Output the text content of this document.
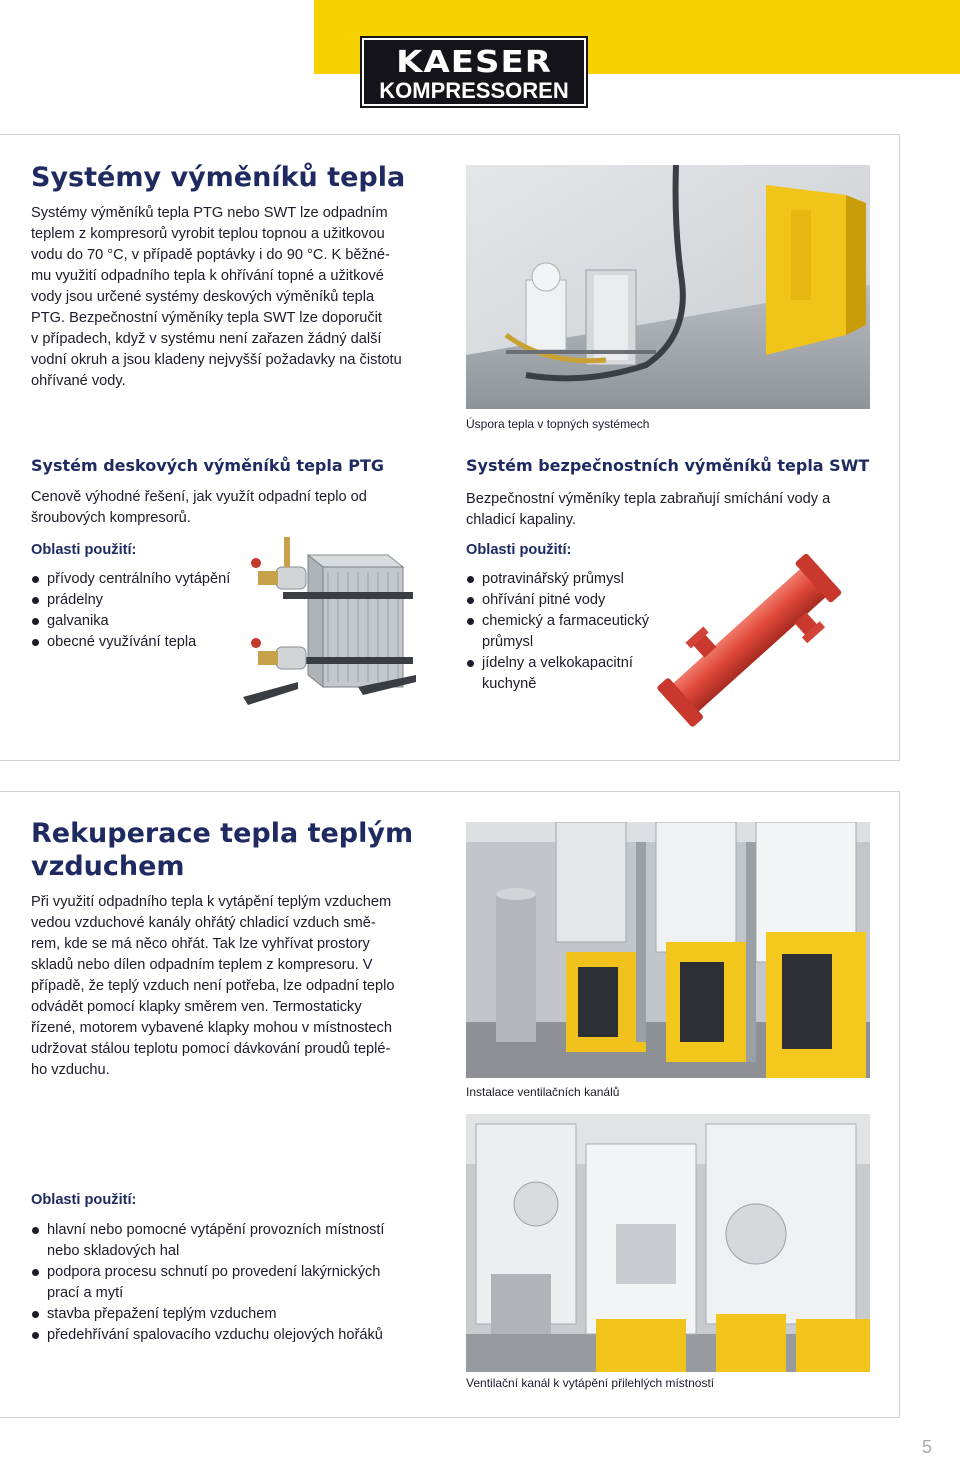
KAESER
KOMPRESSOREN
Systémy výměníků tepla
Systémy výměníků tepla PTG nebo SWT lze odpadním
teplem z kompresorů vyrobit teplou topnou a užitkovou
vodu do 70 °C, v případě poptávky i do 90 °C. K běžné-
mu využití odpadního tepla k ohřívání topné a užitkové
vody jsou určené systémy deskových výměníků tepla
PTG. Bezpečnostní výměníky tepla SWT lze doporučit
v případech, když v systému není zařazen žádný další
vodní okruh a jsou kladeny nejvyšší požadavky na čistotu
ohřívané vody.
Úspora tepla v topných systémech
Systém deskových výměníků tepla PTG
Cenově výhodné řešení, jak využít odpadní teplo od
šroubových kompresorů.
Oblasti použití:
přívody centrálního vytápění
prádelny
galvanika
obecné využívání tepla
Systém bezpečnostních výměníků tepla SWT
Bezpečnostní výměníky tepla zabraňují smíchání vody a
chladicí kapaliny.
Oblasti použití:
potravinářský průmysl
ohřívání pitné vody
chemický a farmaceutický
průmysl
jídelny a velkokapacitní
kuchyně
Rekuperace tepla teplým
vzduchem
Při využití odpadního tepla k vytápění teplým vzduchem
vedou vzduchové kanály ohřátý chladicí vzduch smě-
rem, kde se má něco ohřát. Tak lze vyhřívat prostory
skladů nebo dílen odpadním teplem z kompresoru. V
případě, že teplý vzduch není potřeba, lze odpadní teplo
odvádět pomocí klapky směrem ven. Termostaticky
řízené, motorem vybavené klapky mohou v místnostech
udržovat stálou teplotu pomocí dávkování proudů teplé-
ho vzduchu.
Oblasti použití:
hlavní nebo pomocné vytápění provozních místností
nebo skladových hal
podpora procesu schnutí po provedení lakýrnických
prací a mytí
stavba přepažení teplým vzduchem
předehřívání spalovacího vzduchu olejových hořáků
Instalace ventilačních kanálů
Ventilační kanál k vytápění přilehlých místností
5
